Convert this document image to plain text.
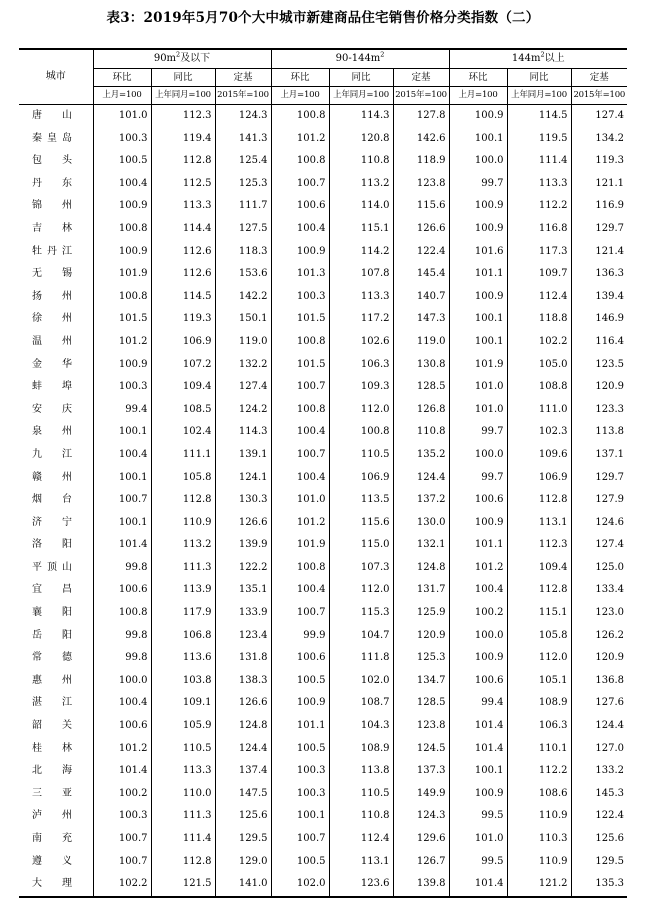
表3：2019年5月70个大中城市新建商品住宅销售价格分类指数（二）
城市	$90m^2$及以下			$90-144m^2$			$144m^2$以上		
	环比	同比	定基	环比	同比	定基	环比	同比	定基
	上月=100	上年同月=100	2015年=100	上月=100	上年同月=100	2015年=100	上月=100	上年同月=100	2015年=100
唐山	101.0	112.3	124.3	100.8	114.3	127.8	100.9	114.5	127.4
秦皇岛	100.3	119.4	141.3	101.2	120.8	142.6	100.1	119.5	134.2
包头	100.5	112.8	125.4	100.8	110.8	118.9	100.0	111.4	119.3
丹东	100.4	112.5	125.3	100.7	113.2	123.8	99.7	113.3	121.1
锦州	100.9	113.3	111.7	100.6	114.0	115.6	100.9	112.2	116.9
吉林	100.8	114.4	127.5	100.4	115.1	126.6	100.9	116.8	129.7
牡丹江	100.9	112.6	118.3	100.9	114.2	122.4	101.6	117.3	121.4
无锡	101.9	112.6	153.6	101.3	107.8	145.4	101.1	109.7	136.3
扬州	100.8	114.5	142.2	100.3	113.3	140.7	100.9	112.4	139.4
徐州	101.5	119.3	150.1	101.5	117.2	147.3	100.1	118.8	146.9
温州	101.2	106.9	119.0	100.8	102.6	119.0	100.1	102.2	116.4
金华	100.9	107.2	132.2	101.5	106.3	130.8	101.9	105.0	123.5
蚌埠	100.3	109.4	127.4	100.7	109.3	128.5	101.0	108.8	120.9
安庆	99.4	108.5	124.2	100.8	112.0	126.8	101.0	111.0	123.3
泉州	100.1	102.4	114.3	100.4	100.8	110.8	99.7	102.3	113.8
九江	100.4	111.1	139.1	100.7	110.5	135.2	100.0	109.6	137.1
赣州	100.1	105.8	124.1	100.4	106.9	124.4	99.7	106.9	129.7
烟台	100.7	112.8	130.3	101.0	113.5	137.2	100.6	112.8	127.9
济宁	100.1	110.9	126.6	101.2	115.6	130.0	100.9	113.1	124.6
洛阳	101.4	113.2	139.9	101.9	115.0	132.1	101.1	112.3	127.4
平顶山	99.8	111.3	122.2	100.8	107.3	124.8	101.2	109.4	125.0
宜昌	100.6	113.9	135.1	100.4	112.0	131.7	100.4	112.8	133.4
襄阳	100.8	117.9	133.9	100.7	115.3	125.9	100.2	115.1	123.0
岳阳	99.8	106.8	123.4	99.9	104.7	120.9	100.0	105.8	126.2
常德	99.8	113.6	131.8	100.6	111.8	125.3	100.9	112.0	120.9
惠州	100.0	103.8	138.3	100.5	102.0	134.7	100.6	105.1	136.8
湛江	100.4	109.1	126.6	100.9	108.7	128.5	99.4	108.9	127.6
韶关	100.6	105.9	124.8	101.1	104.3	123.8	101.4	106.3	124.4
桂林	101.2	110.5	124.4	100.5	108.9	124.5	101.4	110.1	127.0
北海	101.4	113.3	137.4	100.3	113.8	137.3	100.1	112.2	133.2
三亚	100.2	110.0	147.5	100.3	110.5	149.9	100.9	108.6	145.3
泸州	100.3	111.3	125.6	100.1	110.8	124.3	99.5	110.9	122.4
南充	100.7	111.4	129.5	100.7	112.4	129.6	101.0	110.3	125.6
遵义	100.7	112.8	129.0	100.5	113.1	126.7	99.5	110.9	129.5
大理	102.2	121.5	141.0	102.0	123.6	139.8	101.4	121.2	135.3
